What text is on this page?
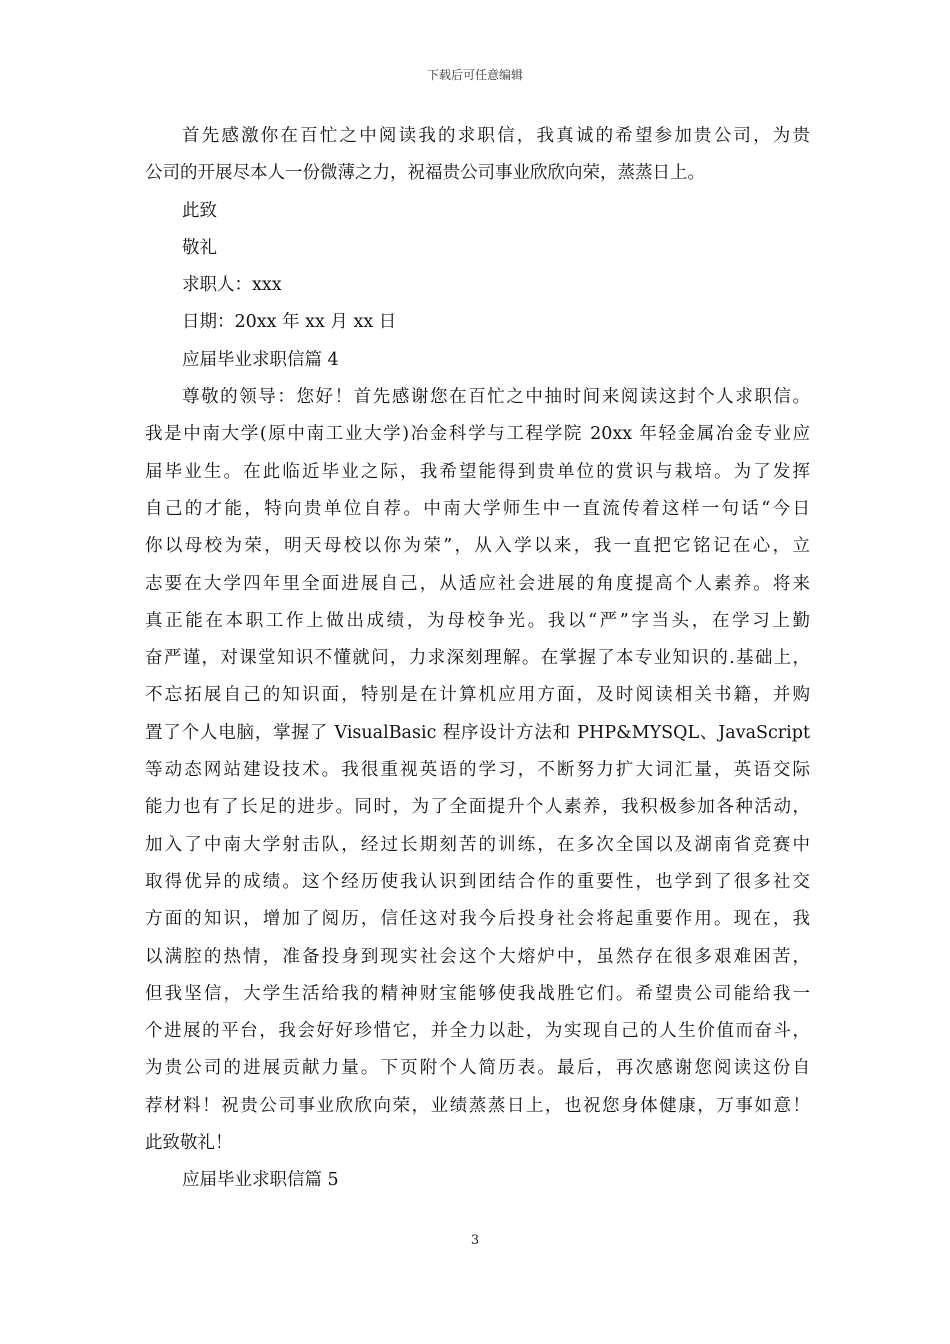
下载后可任意编辑
首先感激你在百忙之中阅读我的求职信，我真诚的希望参加贵公司，为贵
公司的开展尽本人一份微薄之力，祝福贵公司事业欣欣向荣，蒸蒸日上。
此致
敬礼
求职人：xxx
日期：20xx 年 xx 月 xx 日
应届毕业求职信篇 4
尊敬的领导：您好！首先感谢您在百忙之中抽时间来阅读这封个人求职信。
我是中南大学(原中南工业大学)冶金科学与工程学院 20xx 年轻金属冶金专业应
届毕业生。在此临近毕业之际，我希望能得到贵单位的赏识与栽培。为了发挥
自己的才能，特向贵单位自荐。中南大学师生中一直流传着这样一句话“今日
你以母校为荣，明天母校以你为荣”，从入学以来，我一直把它铭记在心，立
志要在大学四年里全面进展自己，从适应社会进展的角度提高个人素养。将来
真正能在本职工作上做出成绩，为母校争光。我以“严”字当头，在学习上勤
奋严谨，对课堂知识不懂就问，力求深刻理解。在掌握了本专业知识的.基础上，
不忘拓展自己的知识面，特别是在计算机应用方面，及时阅读相关书籍，并购
置了个人电脑，掌握了 VisualBasic 程序设计方法和 PHP&MYSQL、JavaScript
等动态网站建设技术。我很重视英语的学习，不断努力扩大词汇量，英语交际
能力也有了长足的进步。同时，为了全面提升个人素养，我积极参加各种活动，
加入了中南大学射击队，经过长期刻苦的训练，在多次全国以及湖南省竞赛中
取得优异的成绩。这个经历使我认识到团结合作的重要性，也学到了很多社交
方面的知识，增加了阅历，信任这对我今后投身社会将起重要作用。现在，我
以满腔的热情，准备投身到现实社会这个大熔炉中，虽然存在很多艰难困苦，
但我坚信，大学生活给我的精神财宝能够使我战胜它们。希望贵公司能给我一
个进展的平台，我会好好珍惜它，并全力以赴，为实现自己的人生价值而奋斗，
为贵公司的进展贡献力量。下页附个人简历表。最后，再次感谢您阅读这份自
荐材料！祝贵公司事业欣欣向荣，业绩蒸蒸日上，也祝您身体健康，万事如意！
此致敬礼！
应届毕业求职信篇 5
3
